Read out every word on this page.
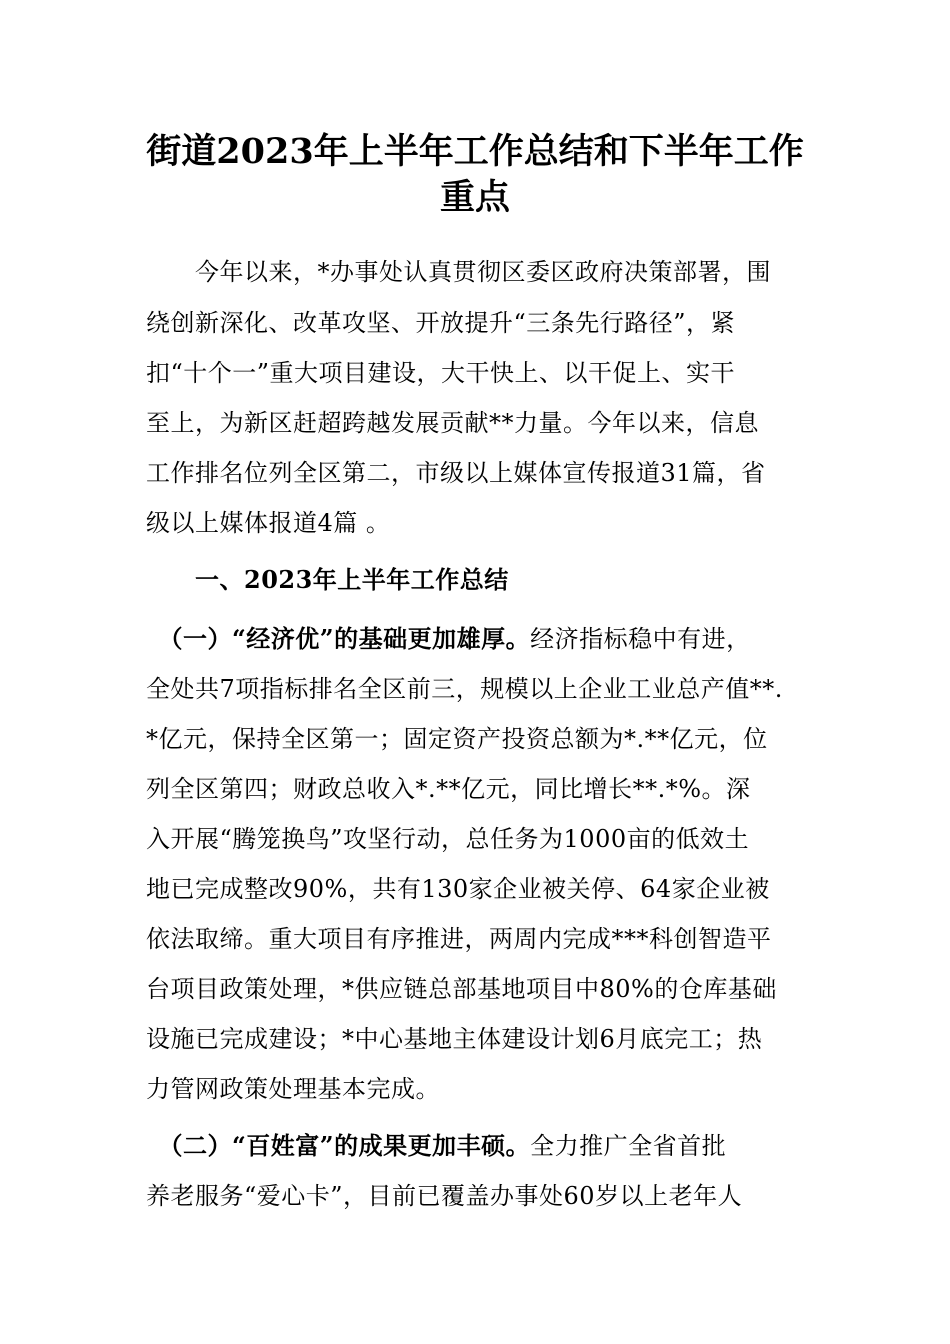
街道2023年上半年工作总结和下半年工作
重点
　　今年以来，*办事处认真贯彻区委区政府决策部署，围
绕创新深化、改革攻坚、开放提升“三条先行路径”，紧
扣“十个一”重大项目建设，大干快上、以干促上、实干
至上，为新区赶超跨越发展贡献**力量。今年以来，信息
工作排名位列全区第二，市级以上媒体宣传报道31篇，省
级以上媒体报道4篇 。
　　一、2023年上半年工作总结
　（一）“经济优”的基础更加雄厚。经济指标稳中有进，
全处共7项指标排名全区前三，规模以上企业工业总产值**.
*亿元，保持全区第一；固定资产投资总额为*.**亿元，位
列全区第四；财政总收入*.**亿元，同比增长**.*%。深
入开展“腾笼换鸟”攻坚行动，总任务为1000亩的低效土
地已完成整改90%，共有130家企业被关停、64家企业被
依法取缔。重大项目有序推进，两周内完成***科创智造平
台项目政策处理，*供应链总部基地项目中80%的仓库基础
设施已完成建设；*中心基地主体建设计划6月底完工；热
力管网政策处理基本完成。
　（二）“百姓富”的成果更加丰硕。全力推广全省首批
养老服务“爱心卡”，目前已覆盖办事处60岁以上老年人
